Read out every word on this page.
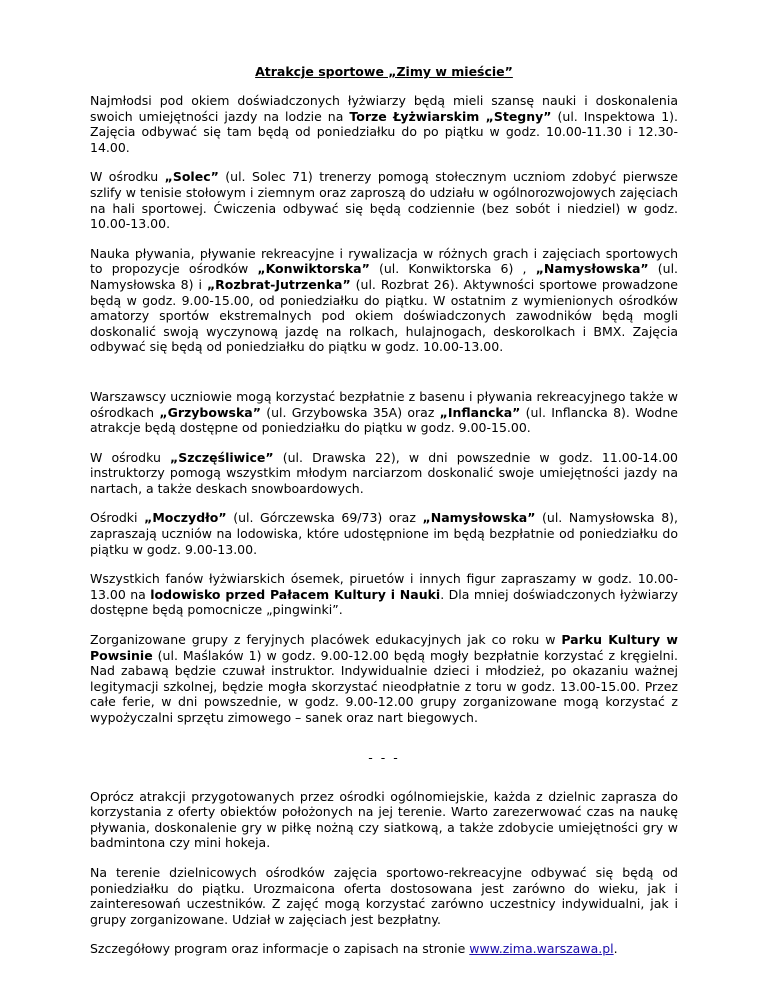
Atrakcje sportowe „Zimy w mieście”

Najmłodsi pod okiem doświadczonych łyżwiarzy będą mieli szansę nauki i doskonalenia swoich umiejętności jazdy na lodzie na Torze Łyżwiarskim „Stegny” (ul. Inspektowa 1). Zajęcia odbywać się tam będą od poniedziałku do po piątku w godz. 10.00-11.30 i 12.30-14.00.

W ośrodku „Solec” (ul. Solec 71) trenerzy pomogą stołecznym uczniom zdobyć pierwsze szlify w tenisie stołowym i ziemnym oraz zaproszą do udziału w ogólnorozwojowych zajęciach na hali sportowej. Ćwiczenia odbywać się będą codziennie (bez sobót i niedziel) w godz. 10.00-13.00.

Nauka pływania, pływanie rekreacyjne i rywalizacja w różnych grach i zajęciach sportowych to propozycje ośrodków „Konwiktorska” (ul. Konwiktorska 6) , „Namysłowska” (ul. Namysłowska 8) i „Rozbrat-Jutrzenka” (ul. Rozbrat 26). Aktywności sportowe prowadzone będą w godz. 9.00-15.00, od poniedziałku do piątku. W ostatnim z wymienionych ośrodków amatorzy sportów ekstremalnych pod okiem doświadczonych zawodników będą mogli doskonalić swoją wyczynową jazdę na rolkach, hulajnogach, deskorolkach i BMX. Zajęcia odbywać się będą od poniedziałku do piątku w godz. 10.00-13.00.

Warszawscy uczniowie mogą korzystać bezpłatnie z basenu i pływania rekreacyjnego także w ośrodkach „Grzybowska” (ul. Grzybowska 35A) oraz „Inflancka” (ul. Inflancka 8). Wodne atrakcje będą dostępne od poniedziałku do piątku w godz. 9.00-15.00.

W ośrodku „Szczęśliwice” (ul. Drawska 22), w dni powszednie w godz. 11.00-14.00 instruktorzy pomogą wszystkim młodym narciarzom doskonalić swoje umiejętności jazdy na nartach, a także deskach snowboardowych.

Ośrodki „Moczydło” (ul. Górczewska 69/73) oraz „Namysłowska” (ul. Namysłowska 8), zapraszają uczniów na lodowiska, które udostępnione im będą bezpłatnie od poniedziałku do piątku w godz. 9.00-13.00.

Wszystkich fanów łyżwiarskich ósemek, piruetów i innych figur zapraszamy w godz. 10.00-13.00 na lodowisko przed Pałacem Kultury i Nauki. Dla mniej doświadczonych łyżwiarzy dostępne będą pomocnicze „pingwinki”.

Zorganizowane grupy z feryjnych placówek edukacyjnych jak co roku w Parku Kultury w Powsinie (ul. Maślaków 1) w godz. 9.00-12.00 będą mogły bezpłatnie korzystać z kręgielni. Nad zabawą będzie czuwał instruktor. Indywidualnie dzieci i młodzież, po okazaniu ważnej legitymacji szkolnej, będzie mogła skorzystać nieodpłatnie z toru w godz. 13.00-15.00. Przez całe ferie, w dni powszednie, w godz. 9.00-12.00 grupy zorganizowane mogą korzystać z wypożyczalni sprzętu zimowego – sanek oraz nart biegowych.

- - -

Oprócz atrakcji przygotowanych przez ośrodki ogólnomiejskie, każda z dzielnic zaprasza do korzystania z oferty obiektów położonych na jej terenie. Warto zarezerwować czas na naukę pływania, doskonalenie gry w piłkę nożną czy siatkową, a także zdobycie umiejętności gry w badmintona czy mini hokeja.

Na terenie dzielnicowych ośrodków zajęcia sportowo-rekreacyjne odbywać się będą od poniedziałku do piątku. Urozmaicona oferta dostosowana jest zarówno do wieku, jak i zainteresowań uczestników. Z zajęć mogą korzystać zarówno uczestnicy indywidualni, jak i grupy zorganizowane. Udział w zajęciach jest bezpłatny.

Szczegółowy program oraz informacje o zapisach na stronie www.zima.warszawa.pl.
